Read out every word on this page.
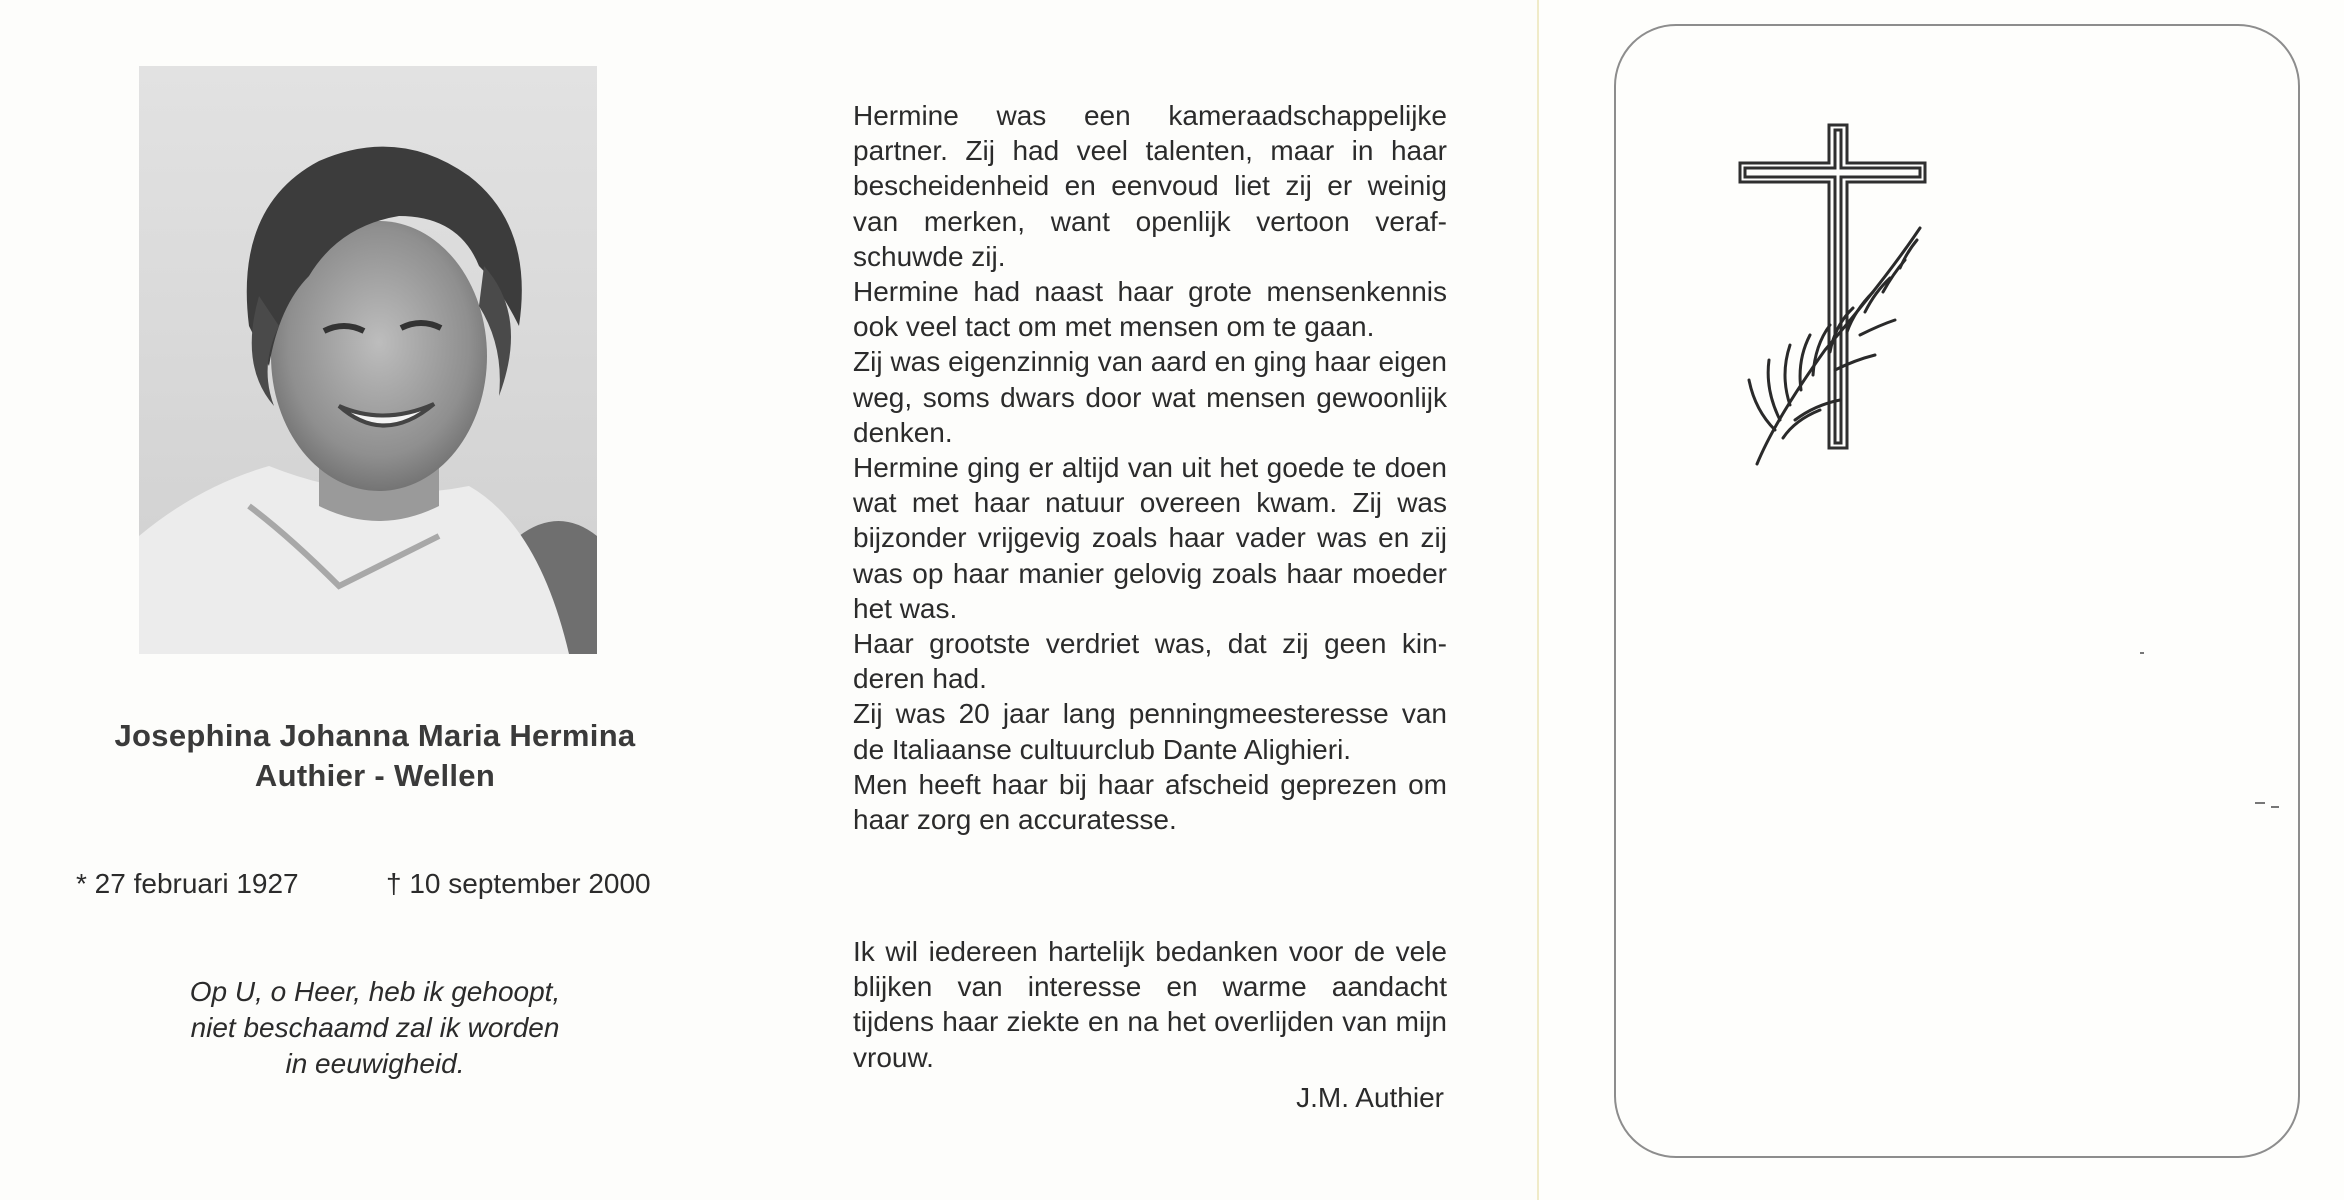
Josephina Johanna Maria Hermina
Authier - Wellen
* 27 februari 1927	† 10 september 2000
Op U, o Heer, heb ik gehoopt,
niet beschaamd zal ik worden
in eeuwigheid.

Hermine was een kameraadschappelijke partner. Zij had veel talenten, maar in haar bescheidenheid en eenvoud liet zij er weinig van merken, want openlijk vertoon verafschuwde zij.

Hermine had naast haar grote mensenkennis ook veel tact om met mensen om te gaan.

Zij was eigenzinnig van aard en ging haar eigen weg, soms dwars door wat mensen gewoonlijk denken.

Hermine ging er altijd van uit het goede te doen wat met haar natuur overeen kwam. Zij was bijzonder vrijgevig zoals haar vader was en zij was op haar manier gelovig zoals haar moeder het was.

Haar grootste verdriet was, dat zij geen kinderen had.

Zij was 20 jaar lang penningmeesteresse van de Italiaanse cultuurclub Dante Alighieri.

Men heeft haar bij haar afscheid geprezen om haar zorg en accuratesse.

Ik wil iedereen hartelijk bedanken voor de vele blijken van interesse en warme aandacht tijdens haar ziekte en na het overlijden van mijn vrouw.

J.M. Authier
